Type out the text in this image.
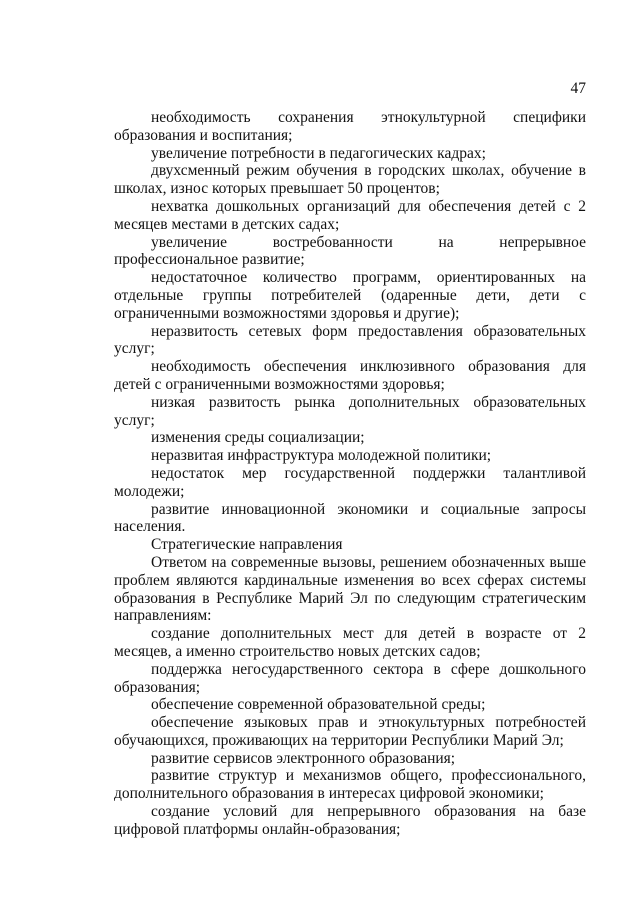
47

необходимость сохранения этнокультурной специфики образования и воспитания;

увеличение потребности в педагогических кадрах;

двухсменный режим обучения в городских школах, обучение в школах, износ которых превышает 50 процентов;

нехватка дошкольных организаций для обеспечения детей с 2 месяцев местами в детских садах;

увеличение востребованности на непрерывное профессиональное развитие;

недостаточное количество программ, ориентированных на отдельные группы потребителей (одаренные дети, дети с ограниченными возможностями здоровья и другие);

неразвитость сетевых форм предоставления образовательных услуг;

необходимость обеспечения инклюзивного образования для детей с ограниченными возможностями здоровья;

низкая развитость рынка дополнительных образовательных услуг;

изменения среды социализации;

неразвитая инфраструктура молодежной политики;

недостаток мер государственной поддержки талантливой молодежи;

развитие инновационной экономики и социальные запросы населения.

Стратегические направления

Ответом на современные вызовы, решением обозначенных выше проблем являются кардинальные изменения во всех сферах системы образования в Республике Марий Эл по следующим стратегическим направлениям:

создание дополнительных мест для детей в возрасте от 2 месяцев, а именно строительство новых детских садов;

поддержка негосударственного сектора в сфере дошкольного образования;

обеспечение современной образовательной среды;

обеспечение языковых прав и этнокультурных потребностей обучающихся, проживающих на территории Республики Марий Эл;

развитие сервисов электронного образования;

развитие структур и механизмов общего, профессионального, дополнительного образования в интересах цифровой экономики;

создание условий для непрерывного образования на базе цифровой платформы онлайн-образования;
